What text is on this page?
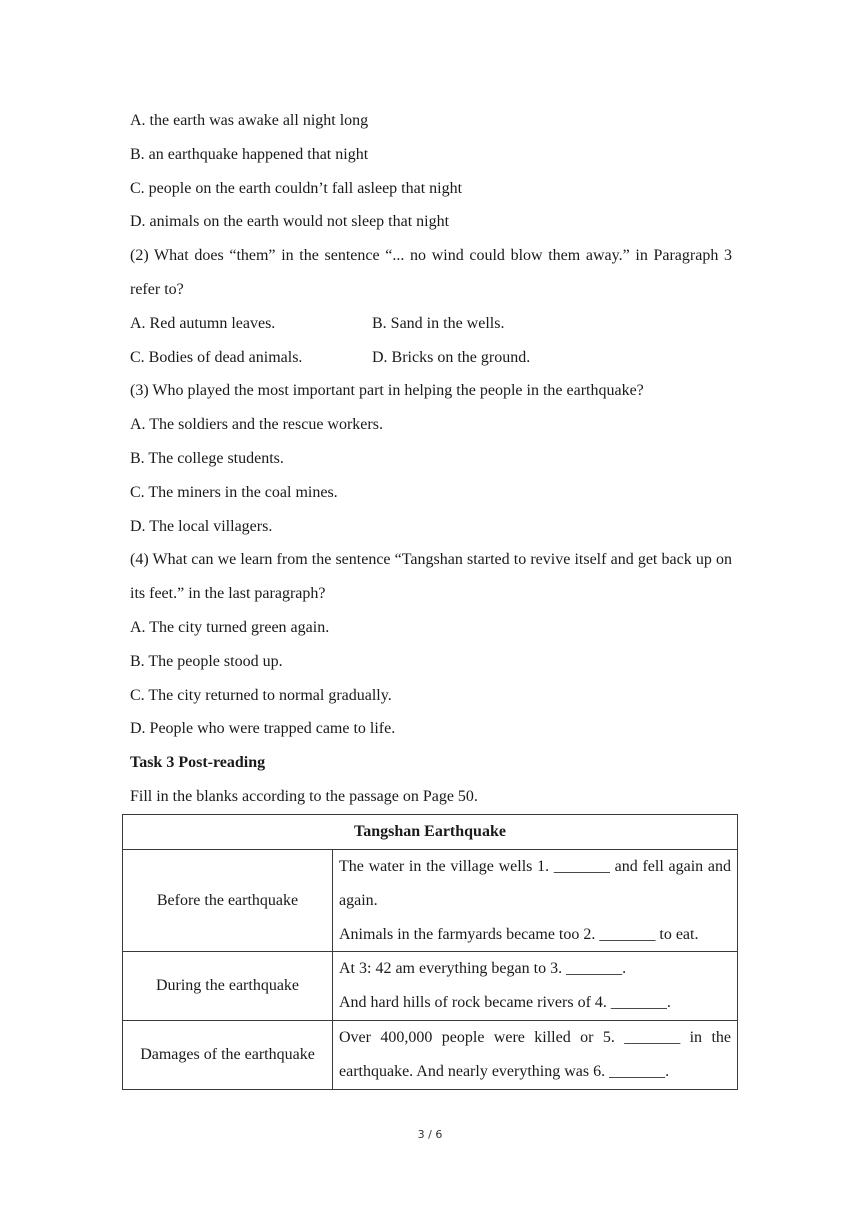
A. the earth was awake all night long

B. an earthquake happened that night

C. people on the earth couldn’t fall asleep that night

D. animals on the earth would not sleep that night

(2) What does “them” in the sentence “... no wind could blow them away.” in Paragraph 3 refer to?

A. Red autumn leaves.	B. Sand in the wells.
C. Bodies of dead animals.	D. Bricks on the ground.

(3) Who played the most important part in helping the people in the earthquake?

A. The soldiers and the rescue workers.

B. The college students.

C. The miners in the coal mines.

D. The local villagers.

(4) What can we learn from the sentence “Tangshan started to revive itself and get back up on its feet.” in the last paragraph?

A. The city turned green again.

B. The people stood up.

C. The city returned to normal gradually.

D. People who were trapped came to life.

Task 3 Post-reading

Fill in the blanks according to the passage on Page 50.

Tangshan Earthquake	
Before the earthquake	The water in the village wells 1. _______ and fell again and again.
Animals in the farmyards became too 2. _______ to eat.

During the earthquake	At 3: 42 am everything began to 3. _______.
And hard hills of rock became rivers of 4. _______.

Damages of the earthquake	Over 400,000 people were killed or 5. _______ in the earthquake. And nearly everything was 6. _______.
3 / 6
